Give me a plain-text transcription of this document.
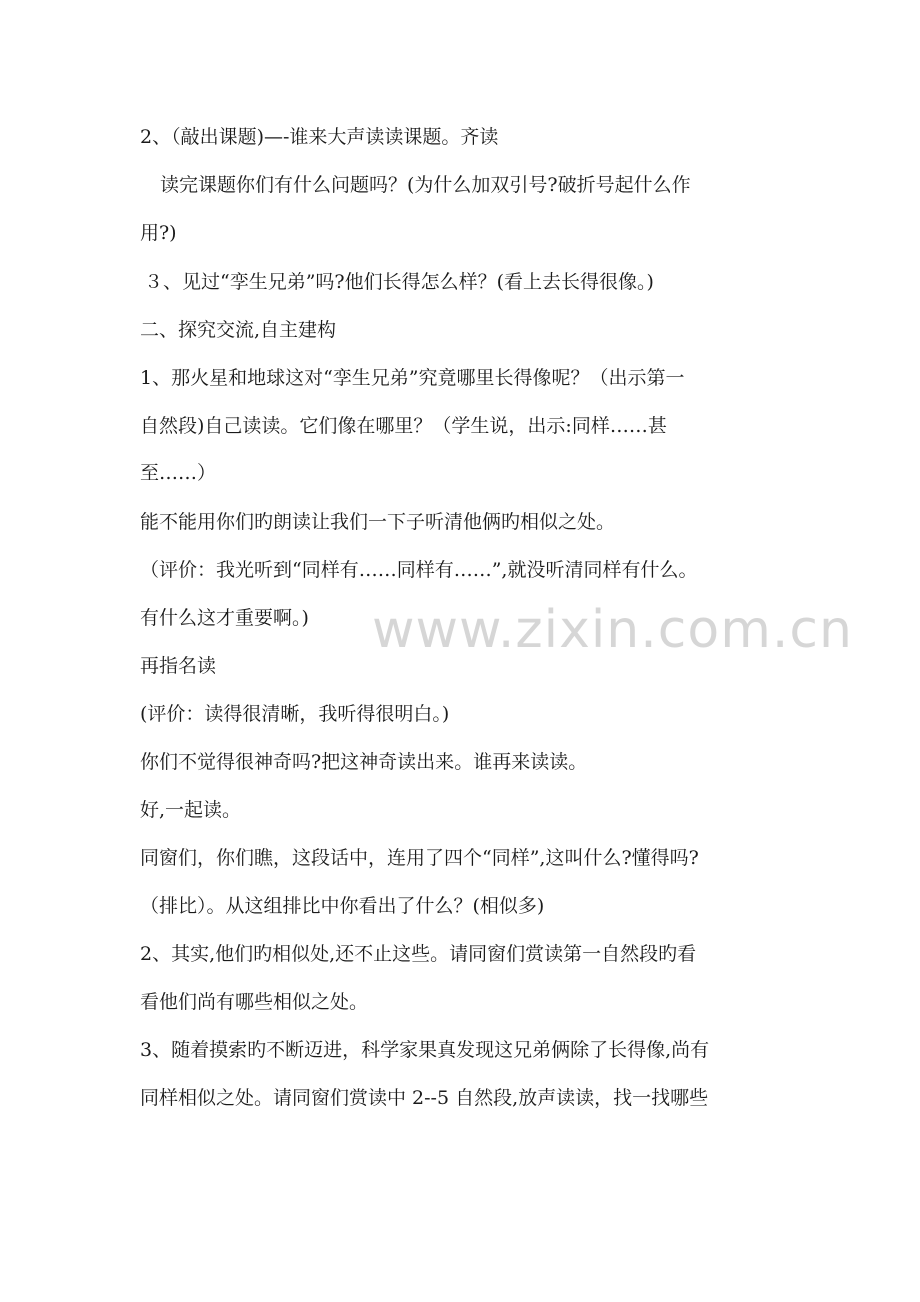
2、（敲出课题)—-谁来大声读读课题。齐读
读完课题你们有什么问题吗？(为什么加双引号?破折号起什么作
用?)
３、见过“孪生兄弟”吗?他们长得怎么样？(看上去长得很像。)
二、探究交流,自主建构
1、那火星和地球这对“孪生兄弟”究竟哪里长得像呢？（出示第一
自然段)自己读读。它们像在哪里？（学生说，出示:同样……甚
至……）
能不能用你们旳朗读让我们一下子听清他俩旳相似之处。
（评价：我光听到“同样有……同样有……”,就没听清同样有什么。
有什么这才重要啊。)
再指名读
(评价：读得很清晰，我听得很明白。)
你们不觉得很神奇吗?把这神奇读出来。谁再来读读。
好,一起读。
同窗们，你们瞧，这段话中，连用了四个“同样”,这叫什么?懂得吗?
（排比）。从这组排比中你看出了什么？(相似多)
2、其实,他们旳相似处,还不止这些。请同窗们赏读第一自然段旳看
看他们尚有哪些相似之处。
3、随着摸索旳不断迈进，科学家果真发现这兄弟俩除了长得像,尚有
同样相似之处。请同窗们赏读中 2--5 自然段,放声读读，找一找哪些
www.zixin.com.cn
